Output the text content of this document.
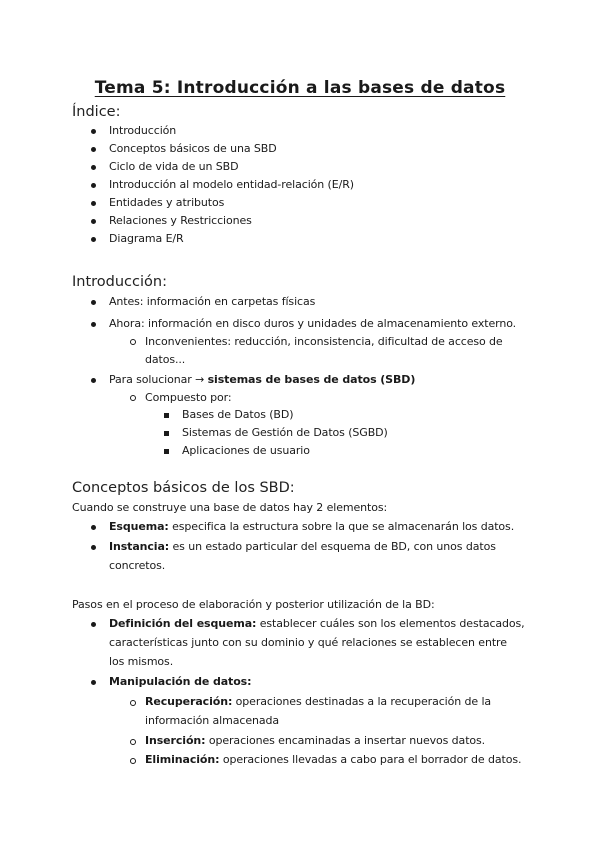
Tema 5: Introducción a las bases de datos
Índice:
Introducción
Conceptos básicos de una SBD
Ciclo de vida de un SBD
Introducción al modelo entidad-relación (E/R)
Entidades y atributos
Relaciones y Restricciones
Diagrama E/R
Introducción:
Antes: información en carpetas físicas
Ahora: información en disco duros y unidades de almacenamiento externo.
Inconvenientes: reducción, inconsistencia, dificultad de acceso de
datos...
Para solucionar → sistemas de bases de datos (SBD)
Compuesto por:
Bases de Datos (BD)
Sistemas de Gestión de Datos (SGBD)
Aplicaciones de usuario
Conceptos básicos de los SBD:
Cuando se construye una base de datos hay 2 elementos:
Esquema: especifica la estructura sobre la que se almacenarán los datos.
Instancia: es un estado particular del esquema de BD, con unos datos
concretos.
Pasos en el proceso de elaboración y posterior utilización de la BD:
Definición del esquema: establecer cuáles son los elementos destacados,
características junto con su dominio y qué relaciones se establecen entre
los mismos.
Manipulación de datos:
Recuperación: operaciones destinadas a la recuperación de la
información almacenada
Inserción: operaciones encaminadas a insertar nuevos datos.
Eliminación: operaciones llevadas a cabo para el borrador de datos.
